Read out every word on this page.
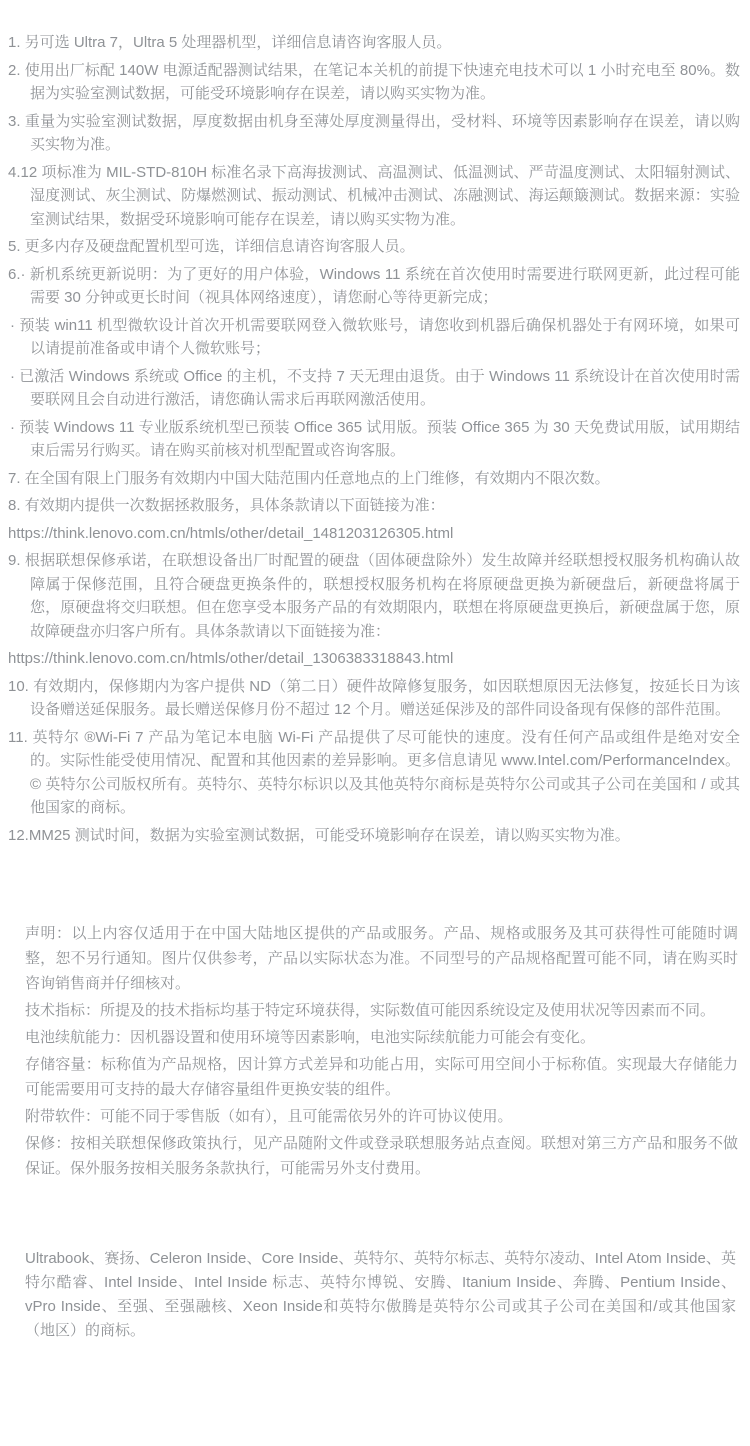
1. 另可选 Ultra 7，Ultra 5 处理器机型，详细信息请咨询客服人员。

2. 使用出厂标配 140W 电源适配器测试结果，在笔记本关机的前提下快速充电技术可以 1 小时充电至 80%。数据为实验室测试数据，可能受环境影响存在误差，请以购买实物为准。

3. 重量为实验室测试数据，厚度数据由机身至薄处厚度测量得出，受材料、环境等因素影响存在误差，请以购买实物为准。

4.12 项标准为 MIL-STD-810H 标准名录下高海拔测试、高温测试、低温测试、严苛温度测试、太阳辐射测试、湿度测试、灰尘测试、防爆燃测试、振动测试、机械冲击测试、冻融测试、海运颠簸测试。数据来源：实验室测试结果，数据受环境影响可能存在误差，请以购买实物为准。

5. 更多内存及硬盘配置机型可选，详细信息请咨询客服人员。

6.· 新机系统更新说明：为了更好的用户体验，Windows 11 系统在首次使用时需要进行联网更新，此过程可能需要 30 分钟或更长时间（视具体网络速度），请您耐心等待更新完成；

· 预装 win11 机型微软设计首次开机需要联网登入微软账号，请您收到机器后确保机器处于有网环境，如果可以请提前准备或申请个人微软账号；

· 已激活 Windows 系统或 Office 的主机，不支持 7 天无理由退货。由于 Windows 11 系统设计在首次使用时需要联网且会自动进行激活，请您确认需求后再联网激活使用。

· 预装 Windows 11 专业版系统机型已预装 Office 365 试用版。预装 Office 365 为 30 天免费试用版，试用期结束后需另行购买。请在购买前核对机型配置或咨询客服。

7. 在全国有限上门服务有效期内中国大陆范围内任意地点的上门维修，有效期内不限次数。

8. 有效期内提供一次数据拯救服务，具体条款请以下面链接为准：

https://think.lenovo.com.cn/htmls/other/detail_1481203126305.html

9. 根据联想保修承诺，在联想设备出厂时配置的硬盘（固体硬盘除外）发生故障并经联想授权服务机构确认故障属于保修范围，且符合硬盘更换条件的，联想授权服务机构在将原硬盘更换为新硬盘后，新硬盘将属于您，原硬盘将交归联想。但在您享受本服务产品的有效期限内，联想在将原硬盘更换后，新硬盘属于您，原故障硬盘亦归客户所有。具体条款请以下面链接为准：

https://think.lenovo.com.cn/htmls/other/detail_1306383318843.html

10. 有效期内，保修期内为客户提供 ND（第二日）硬件故障修复服务，如因联想原因无法修复，按延长日为该设备赠送延保服务。最长赠送保修月份不超过 12 个月。赠送延保涉及的部件同设备现有保修的部件范围。

11. 英特尔 ®Wi-Fi 7 产品为笔记本电脑 Wi-Fi 产品提供了尽可能快的速度。没有任何产品或组件是绝对安全的。实际性能受使用情况、配置和其他因素的差异影响。更多信息请见 www.Intel.com/PerformanceIndex。© 英特尔公司版权所有。英特尔、英特尔标识以及其他英特尔商标是英特尔公司或其子公司在美国和 / 或其他国家的商标。

12.MM25 测试时间，数据为实验室测试数据，可能受环境影响存在误差，请以购买实物为准。

声明：以上内容仅适用于在中国大陆地区提供的产品或服务。产品、规格或服务及其可获得性可能随时调整，恕不另行通知。图片仅供参考，产品以实际状态为准。不同型号的产品规格配置可能不同，请在购买时咨询销售商并仔细核对。

技术指标：所提及的技术指标均基于特定环境获得，实际数值可能因系统设定及使用状况等因素而不同。

电池续航能力：因机器设置和使用环境等因素影响，电池实际续航能力可能会有变化。

存储容量：标称值为产品规格，因计算方式差异和功能占用，实际可用空间小于标称值。实现最大存储能力可能需要用可支持的最大存储容量组件更换安装的组件。

附带软件：可能不同于零售版（如有），且可能需依另外的许可协议使用。

保修：按相关联想保修政策执行，见产品随附文件或登录联想服务站点查阅。联想对第三方产品和服务不做保证。保外服务按相关服务条款执行，可能需另外支付费用。

Ultrabook、赛扬、Celeron Inside、Core Inside、英特尔、英特尔标志、英特尔凌动、Intel Atom Inside、英特尔酷睿、Intel Inside、Intel Inside 标志、英特尔博锐、安腾、Itanium Inside、奔腾、Pentium Inside、vPro Inside、至强、至强融核、Xeon Inside和英特尔傲腾是英特尔公司或其子公司在美国和/或其他国家（地区）的商标。
